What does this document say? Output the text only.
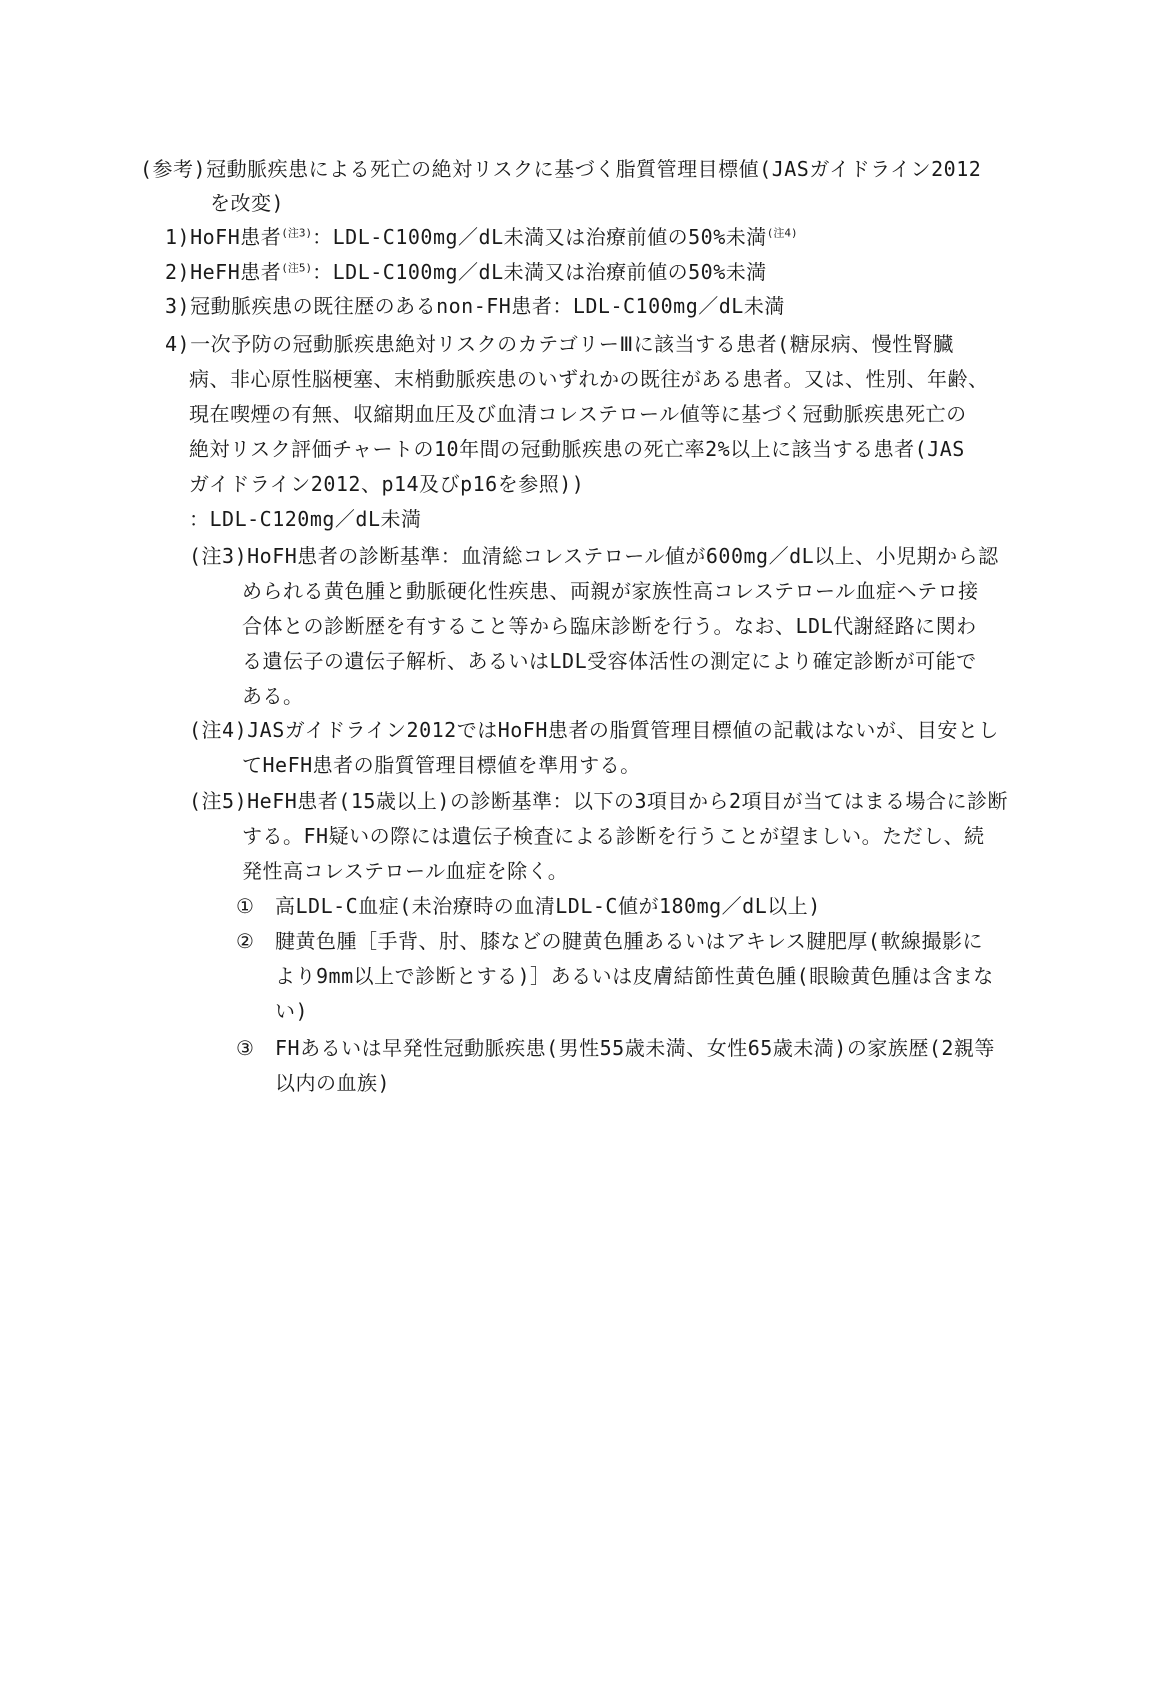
(参考)冠動脈疾患による死亡の絶対リスクに基づく脂質管理目標値(JASガイドライン2012
を改変)
1)HoFH患者$^{(注3)}$：LDL-C100mg／dL未満又は治療前値の50%未満$^{(注4)}$
2)HeFH患者$^{(注5)}$：LDL-C100mg／dL未満又は治療前値の50%未満
3)冠動脈疾患の既往歴のあるnon-FH患者：LDL-C100mg／dL未満
4)一次予防の冠動脈疾患絶対リスクのカテゴリーⅢに該当する患者(糖尿病、慢性腎臓
病、非心原性脳梗塞、末梢動脈疾患のいずれかの既往がある患者。又は、性別、年齢、
現在喫煙の有無、収縮期血圧及び血清コレステロール値等に基づく冠動脈疾患死亡の
絶対リスク評価チャートの10年間の冠動脈疾患の死亡率2%以上に該当する患者(JAS
ガイドライン2012、p14及びp16を参照))
：LDL-C120mg／dL未満
(注3)HoFH患者の診断基準：血清総コレステロール値が600mg／dL以上、小児期から認
められる黄色腫と動脈硬化性疾患、両親が家族性高コレステロール血症ヘテロ接
合体との診断歴を有すること等から臨床診断を行う。なお、LDL代謝経路に関わ
る遺伝子の遺伝子解析、あるいはLDL受容体活性の測定により確定診断が可能で
ある。
(注4)JASガイドライン2012ではHoFH患者の脂質管理目標値の記載はないが、目安とし
てHeFH患者の脂質管理目標値を準用する。
(注5)HeFH患者(15歳以上)の診断基準：以下の3項目から2項目が当てはまる場合に診断
する。FH疑いの際には遺伝子検査による診断を行うことが望ましい。ただし、続
発性高コレステロール血症を除く。
① 高LDL-C血症(未治療時の血清LDL-C値が180mg／dL以上)
② 腱黄色腫［手背、肘、膝などの腱黄色腫あるいはアキレス腱肥厚(軟線撮影に
より9mm以上で診断とする)］あるいは皮膚結節性黄色腫(眼瞼黄色腫は含まな
い)
③ FHあるいは早発性冠動脈疾患(男性55歳未満、女性65歳未満)の家族歴(2親等
以内の血族)
